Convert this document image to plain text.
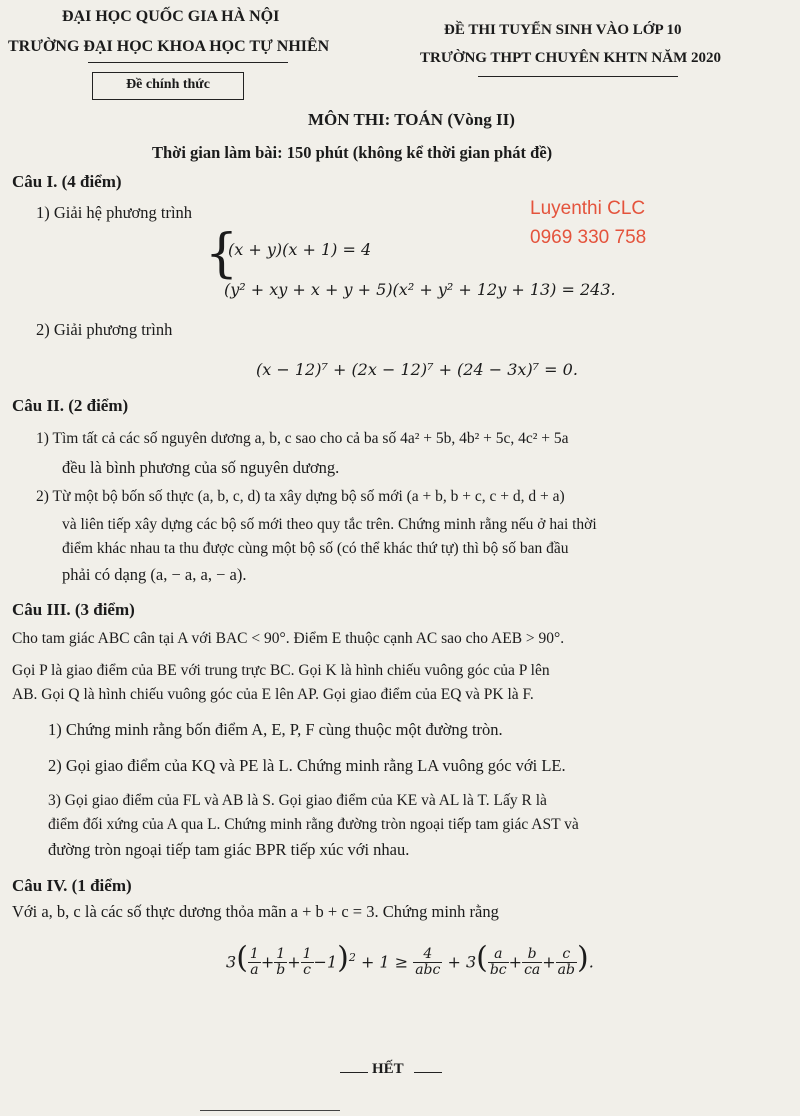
ĐẠI HỌC QUỐC GIA HÀ NỘI
TRƯỜNG ĐẠI HỌC KHOA HỌC TỰ NHIÊN
Đề chính thức
ĐỀ THI TUYỂN SINH VÀO LỚP 10
TRƯỜNG THPT CHUYÊN KHTN NĂM 2020
MÔN THI: TOÁN (Vòng II)
Thời gian làm bài: 150 phút (không kể thời gian phát đề)
Luyenthi CLC
0969 330 758
Câu I. (4 điểm)
1) Giải hệ phương trình
{
(x + y)(x + 1) = 4
(y² + xy + x + y + 5)(x² + y² + 12y + 13) = 243.
2) Giải phương trình
(x − 12)⁷ + (2x − 12)⁷ + (24 − 3x)⁷ = 0.
Câu II. (2 điểm)
1) Tìm tất cả các số nguyên dương a, b, c sao cho cả ba số 4a² + 5b, 4b² + 5c, 4c² + 5a
đều là bình phương của số nguyên dương.
2) Từ một bộ bốn số thực (a, b, c, d) ta xây dựng bộ số mới (a + b, b + c, c + d, d + a)
và liên tiếp xây dựng các bộ số mới theo quy tắc trên. Chứng minh rằng nếu ở hai thời
điểm khác nhau ta thu được cùng một bộ số (có thể khác thứ tự) thì bộ số ban đầu
phải có dạng (a, − a, a, − a).
Câu III. (3 điểm)
Cho tam giác ABC cân tại A với BAC < 90°. Điểm E thuộc cạnh AC sao cho AEB > 90°.
Gọi P là giao điểm của BE với trung trực BC. Gọi K là hình chiếu vuông góc của P lên
AB. Gọi Q là hình chiếu vuông góc của E lên AP. Gọi giao điểm của EQ và PK là F.
1) Chứng minh rằng bốn điểm A, E, P, F cùng thuộc một đường tròn.
2) Gọi giao điểm của KQ và PE là L. Chứng minh rằng LA vuông góc với LE.
3) Gọi giao điểm của FL và AB là S. Gọi giao điểm của KE và AL là T. Lấy R là
điểm đối xứng của A qua L. Chứng minh rằng đường tròn ngoại tiếp tam giác AST và
đường tròn ngoại tiếp tam giác BPR tiếp xúc với nhau.
Câu IV. (1 điểm)
Với a, b, c là các số thực dương thỏa mãn a + b + c = 3. Chứng minh rằng
$3( \frac{1}{a} + \frac{1}{b} + \frac{1}{c} -1)^2 + 1 \ge \frac{4}{\text{abc}} + 3( \frac{a}{bc} + \frac{b}{ca} + \frac{c}{ab}$ ).
HẾT
